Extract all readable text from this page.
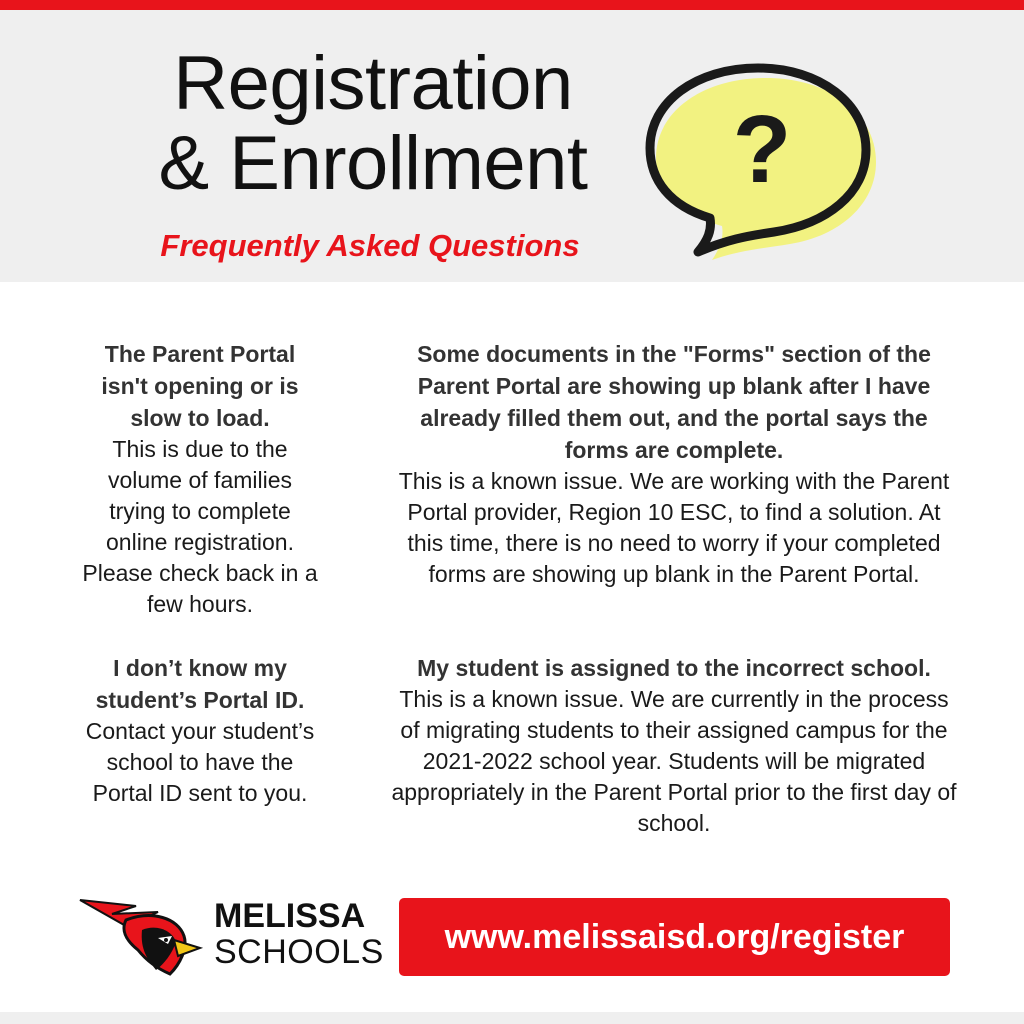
Registration
& Enrollment
Frequently Asked Questions
?

The Parent Portal isn't opening or is slow to load.

This is due to the volume of families trying to complete online registration. Please check back in a few hours.

Some documents in the "Forms" section of the Parent Portal are showing up blank after I have already filled them out, and the portal says the forms are complete.

This is a known issue. We are working with the Parent Portal provider, Region 10 ESC, to find a solution. At this time, there is no need to worry if your completed forms are showing up blank in the Parent Portal.

I don’t know my student’s Portal ID.

Contact your student’s school to have the Portal ID sent to you.

My student is assigned to the incorrect school.

This is a known issue. We are currently in the process of migrating students to their assigned campus for the 2021-2022 school year. Students will be migrated appropriately in the Parent Portal prior to the first day of school.

MELISSA
SCHOOLS	www.melissaisd.org/register
